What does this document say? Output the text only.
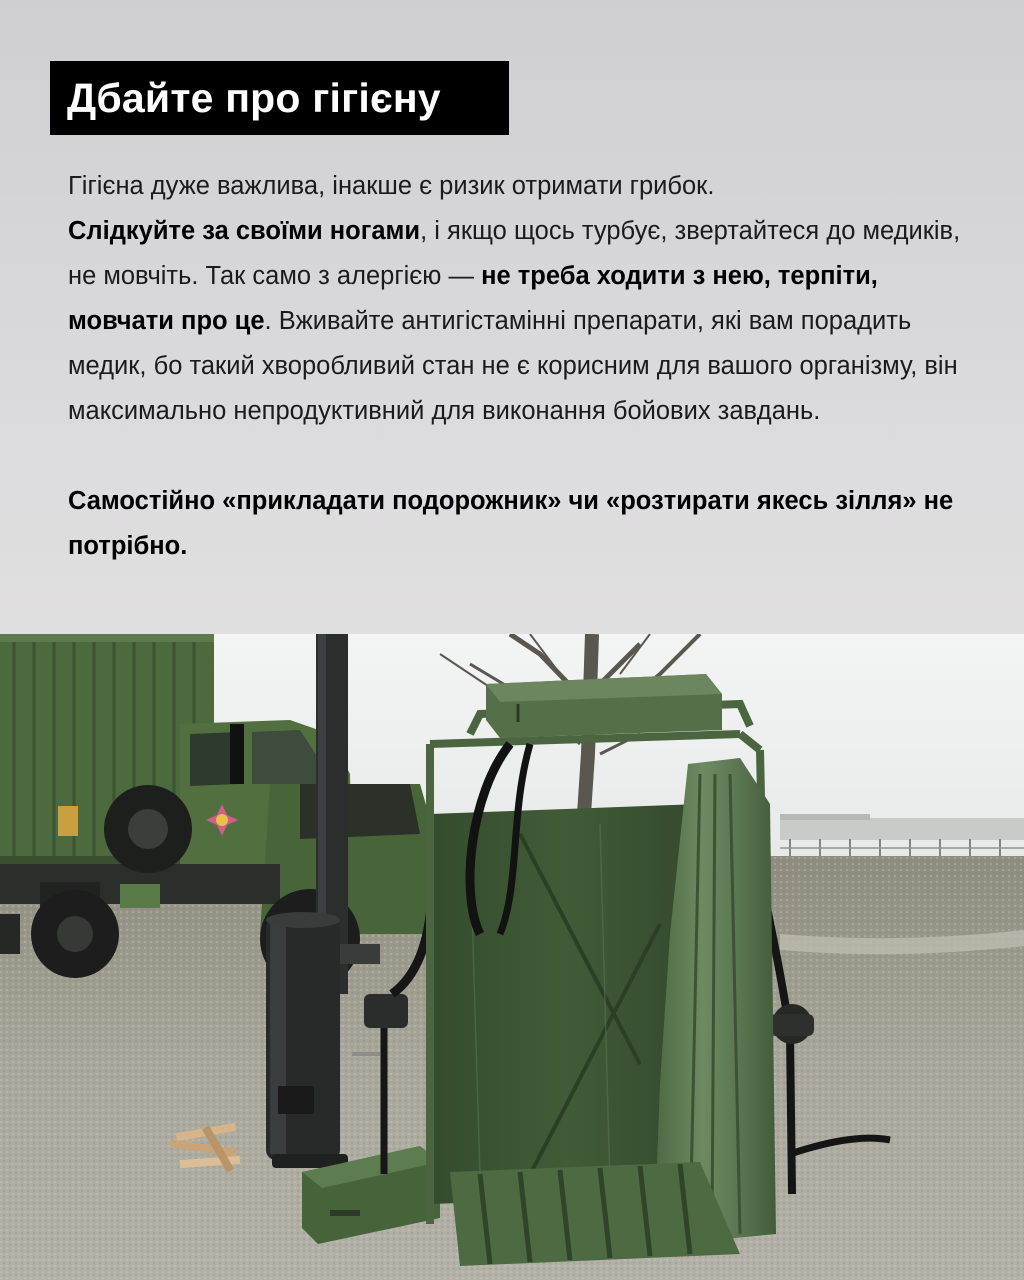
Дбайте про гігієну

Гігієна дуже важлива, інакше є ризик отримати грибок.
Слідкуйте за своїми ногами, і якщо щось турбує, звертайтеся до медиків, не мовчіть. Так само з алергією — не треба ходити з нею, терпіти, мовчати про це. Вживайте антигістамінні препарати, які вам порадить медик, бо такий хворобливий стан не є корисним для вашого організму, він максимально непродуктивний для виконання бойових завдань.

Самостійно «прикладати подорожник» чи «розтирати якесь зілля» не потрібно.
